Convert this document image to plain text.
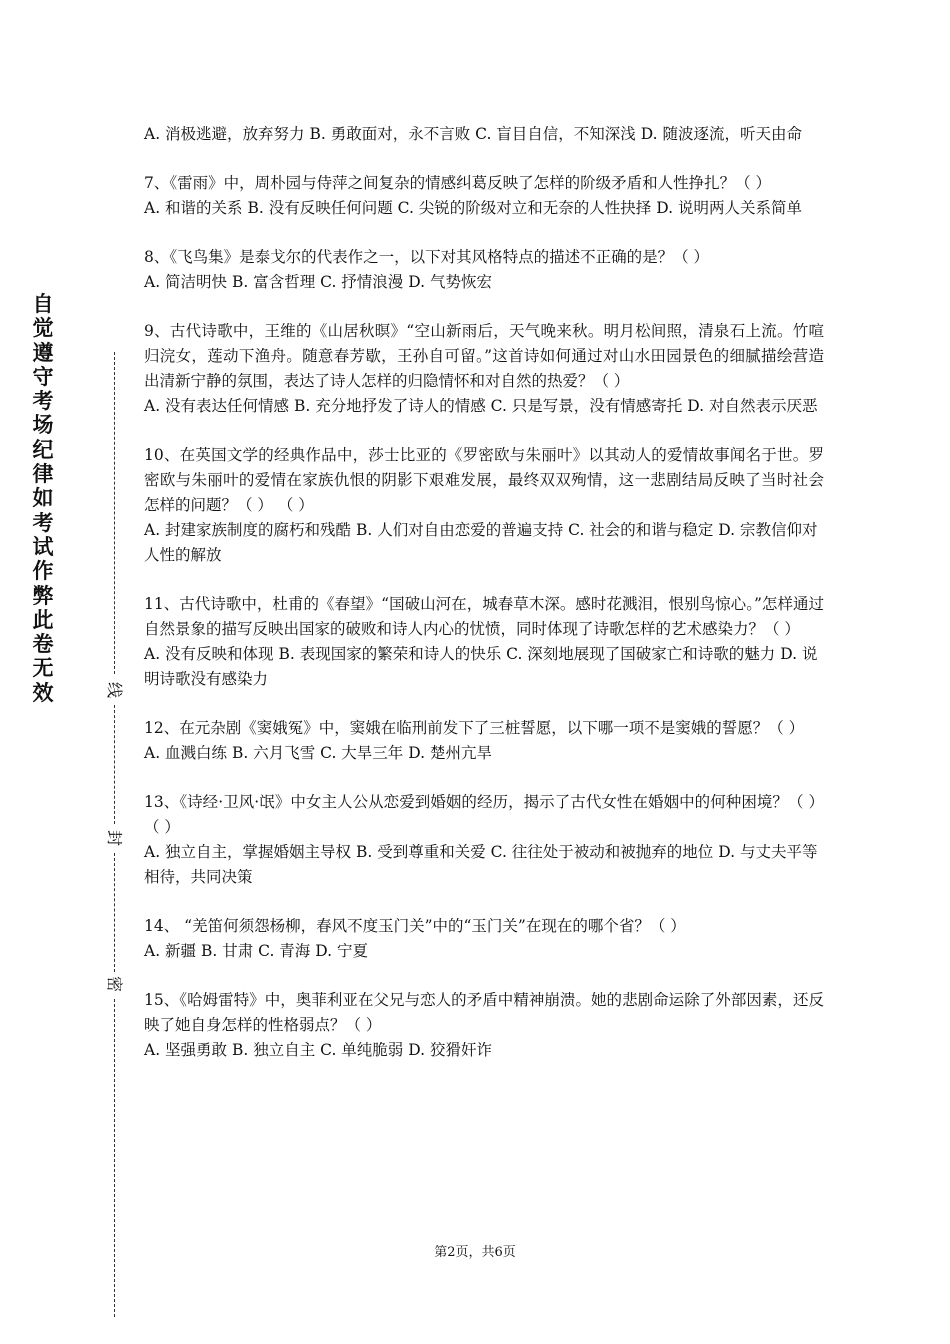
自
觉
遵
守
考
场
纪
律
如
考
试
作
弊
此
卷
无
效	线
封
密

A. 消极逃避，放弃努力 B. 勇敢面对，永不言败 C. 盲目自信，不知深浅 D. 随波逐流，听天由命

7、《雷雨》中，周朴园与侍萍之间复杂的情感纠葛反映了怎样的阶级矛盾和人性挣扎？（ ）

A. 和谐的关系 B. 没有反映任何问题 C. 尖锐的阶级对立和无奈的人性抉择 D. 说明两人关系简单

8、《飞鸟集》是泰戈尔的代表作之一，以下对其风格特点的描述不正确的是？（ ）

A. 简洁明快 B. 富含哲理 C. 抒情浪漫 D. 气势恢宏

9、古代诗歌中，王维的《山居秋暝》“空山新雨后，天气晚来秋。明月松间照，清泉石上流。竹喧归浣女，莲动下渔舟。随意春芳歇，王孙自可留。”这首诗如何通过对山水田园景色的细腻描绘营造出清新宁静的氛围，表达了诗人怎样的归隐情怀和对自然的热爱？（ ）

A. 没有表达任何情感 B. 充分地抒发了诗人的情感 C. 只是写景，没有情感寄托 D. 对自然表示厌恶

10、在英国文学的经典作品中，莎士比亚的《罗密欧与朱丽叶》以其动人的爱情故事闻名于世。罗密欧与朱丽叶的爱情在家族仇恨的阴影下艰难发展，最终双双殉情，这一悲剧结局反映了当时社会怎样的问题？（ ） （ ）

A. 封建家族制度的腐朽和残酷 B. 人们对自由恋爱的普遍支持 C. 社会的和谐与稳定 D. 宗教信仰对人性的解放

11、古代诗歌中，杜甫的《春望》“国破山河在，城春草木深。感时花溅泪，恨别鸟惊心。”怎样通过自然景象的描写反映出国家的破败和诗人内心的忧愤，同时体现了诗歌怎样的艺术感染力？（ ）

A. 没有反映和体现 B. 表现国家的繁荣和诗人的快乐 C. 深刻地展现了国破家亡和诗歌的魅力 D. 说明诗歌没有感染力

12、在元杂剧《窦娥冤》中，窦娥在临刑前发下了三桩誓愿，以下哪一项不是窦娥的誓愿？（ ）

A. 血溅白练 B. 六月飞雪 C. 大旱三年 D. 楚州亢旱

13、《诗经·卫风·氓》中女主人公从恋爱到婚姻的经历，揭示了古代女性在婚姻中的何种困境？（ ） （ ）

A. 独立自主，掌握婚姻主导权 B. 受到尊重和关爱 C. 往往处于被动和被抛弃的地位 D. 与丈夫平等相待，共同决策

14、 “羌笛何须怨杨柳，春风不度玉门关”中的“玉门关”在现在的哪个省？（ ）

A. 新疆 B. 甘肃 C. 青海 D. 宁夏

15、《哈姆雷特》中，奥菲利亚在父兄与恋人的矛盾中精神崩溃。她的悲剧命运除了外部因素，还反映了她自身怎样的性格弱点？（ ）

A. 坚强勇敢 B. 独立自主 C. 单纯脆弱 D. 狡猾奸诈

第2页，共6页
